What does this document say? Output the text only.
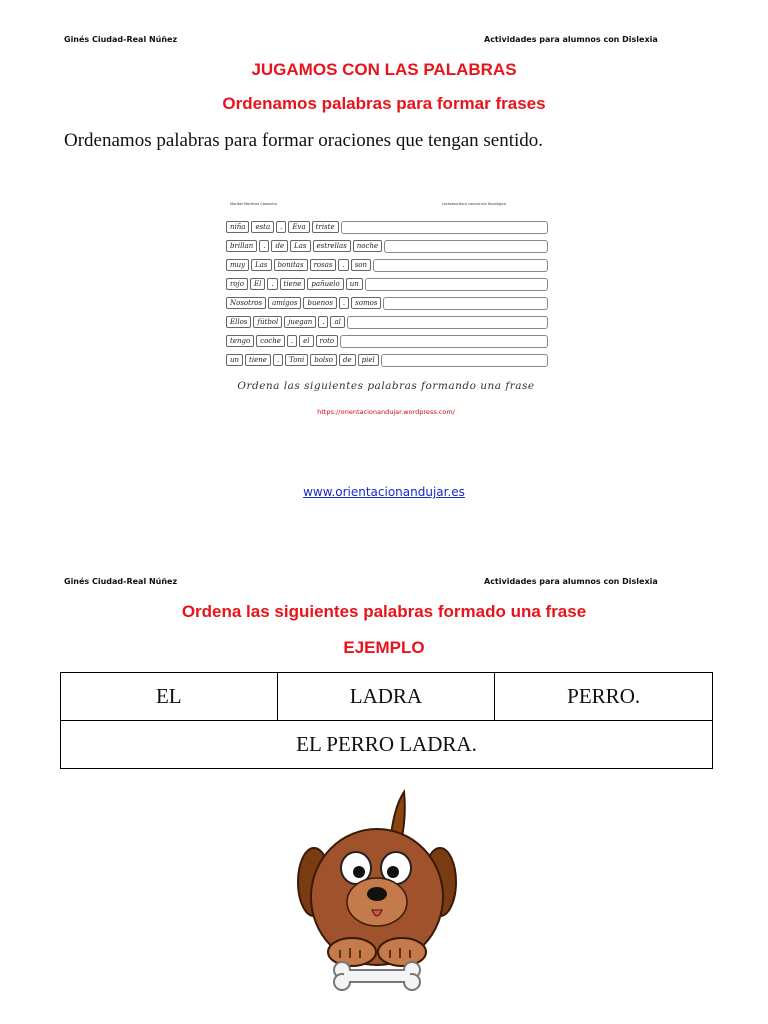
Ginés Ciudad-Real Núñez	Actividades para alumnos con Dislexia
JUGAMOS CON LAS PALABRAS
Ordenamos palabras para formar frases
Ordenamos palabras para formar oraciones que tengan sentido.
Maribel Martínez Camacho	Lectoescritura conciencia fonológica
niña	esta	.	Eva	triste
brillan	.	de	Las	estrellas	noche
muy	Las	bonitas	rosas	.	son
rojo	El	.	tiene	pañuelo	un
Nosotros	amigos	buenos	.	somos
Ellos	fútbol	juegan	.	al
tengo	coche	.	el	roto
un	tiene	.	Toni	bolso	de	piel
Ordena las siguientes palabras formando una frase
https://orientacionandujar.wordpress.com/
www.orientacionandujar.es
Ginés Ciudad-Real Núñez	Actividades para alumnos con Dislexia
Ordena las siguientes palabras formado una frase
EJEMPLO
EL	LADRA	PERRO.
EL PERRO LADRA.
